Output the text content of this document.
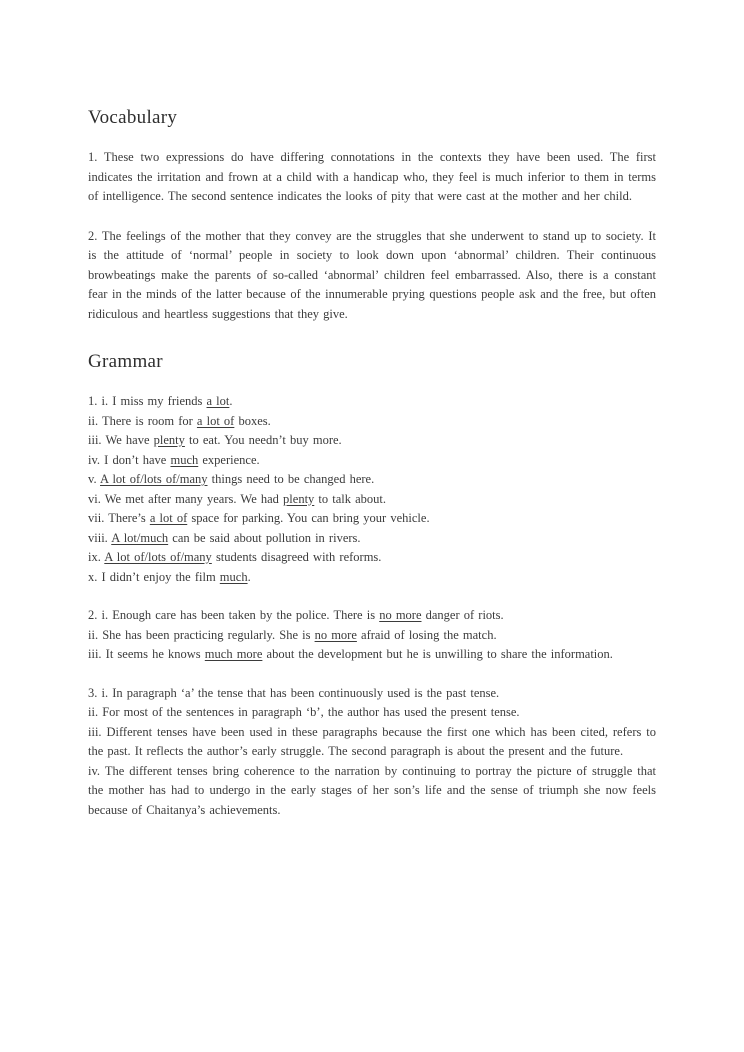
Vocabulary

1. These two expressions do have differing connotations in the contexts they have been used. The first indicates the irritation and frown at a child with a handicap who, they feel is much inferior to them in terms of intelligence. The second sentence indicates the looks of pity that were cast at the mother and her child.

2. The feelings of the mother that they convey are the struggles that she underwent to stand up to society. It is the attitude of ‘normal’ people in society to look down upon ‘abnormal’ children. Their continuous browbeatings make the parents of so-called ‘abnormal’ children feel embarrassed. Also, there is a constant fear in the minds of the latter because of the innumerable prying questions people ask and the free, but often ridiculous and heartless suggestions that they give.

Grammar

1. i. I miss my friends a lot.

ii. There is room for a lot of boxes.

iii. We have plenty to eat. You needn’t buy more.

iv. I don’t have much experience.

v. A lot of/lots of/many things need to be changed here.

vi. We met after many years. We had plenty to talk about.

vii. There’s a lot of space for parking. You can bring your vehicle.

viii. A lot/much can be said about pollution in rivers.

ix. A lot of/lots of/many students disagreed with reforms.

x. I didn’t enjoy the film much.

2. i. Enough care has been taken by the police. There is no more danger of riots.

ii. She has been practicing regularly. She is no more afraid of losing the match.

iii. It seems he knows much more about the development but he is unwilling to share the information.

3. i. In paragraph ‘a’ the tense that has been continuously used is the past tense.

ii. For most of the sentences in paragraph ‘b’, the author has used the present tense.

iii. Different tenses have been used in these paragraphs because the first one which has been cited, refers to the past. It reflects the author’s early struggle. The second paragraph is about the present and the future.

iv. The different tenses bring coherence to the narration by continuing to portray the picture of struggle that the mother has had to undergo in the early stages of her son’s life and the sense of triumph she now feels because of Chaitanya’s achievements.
